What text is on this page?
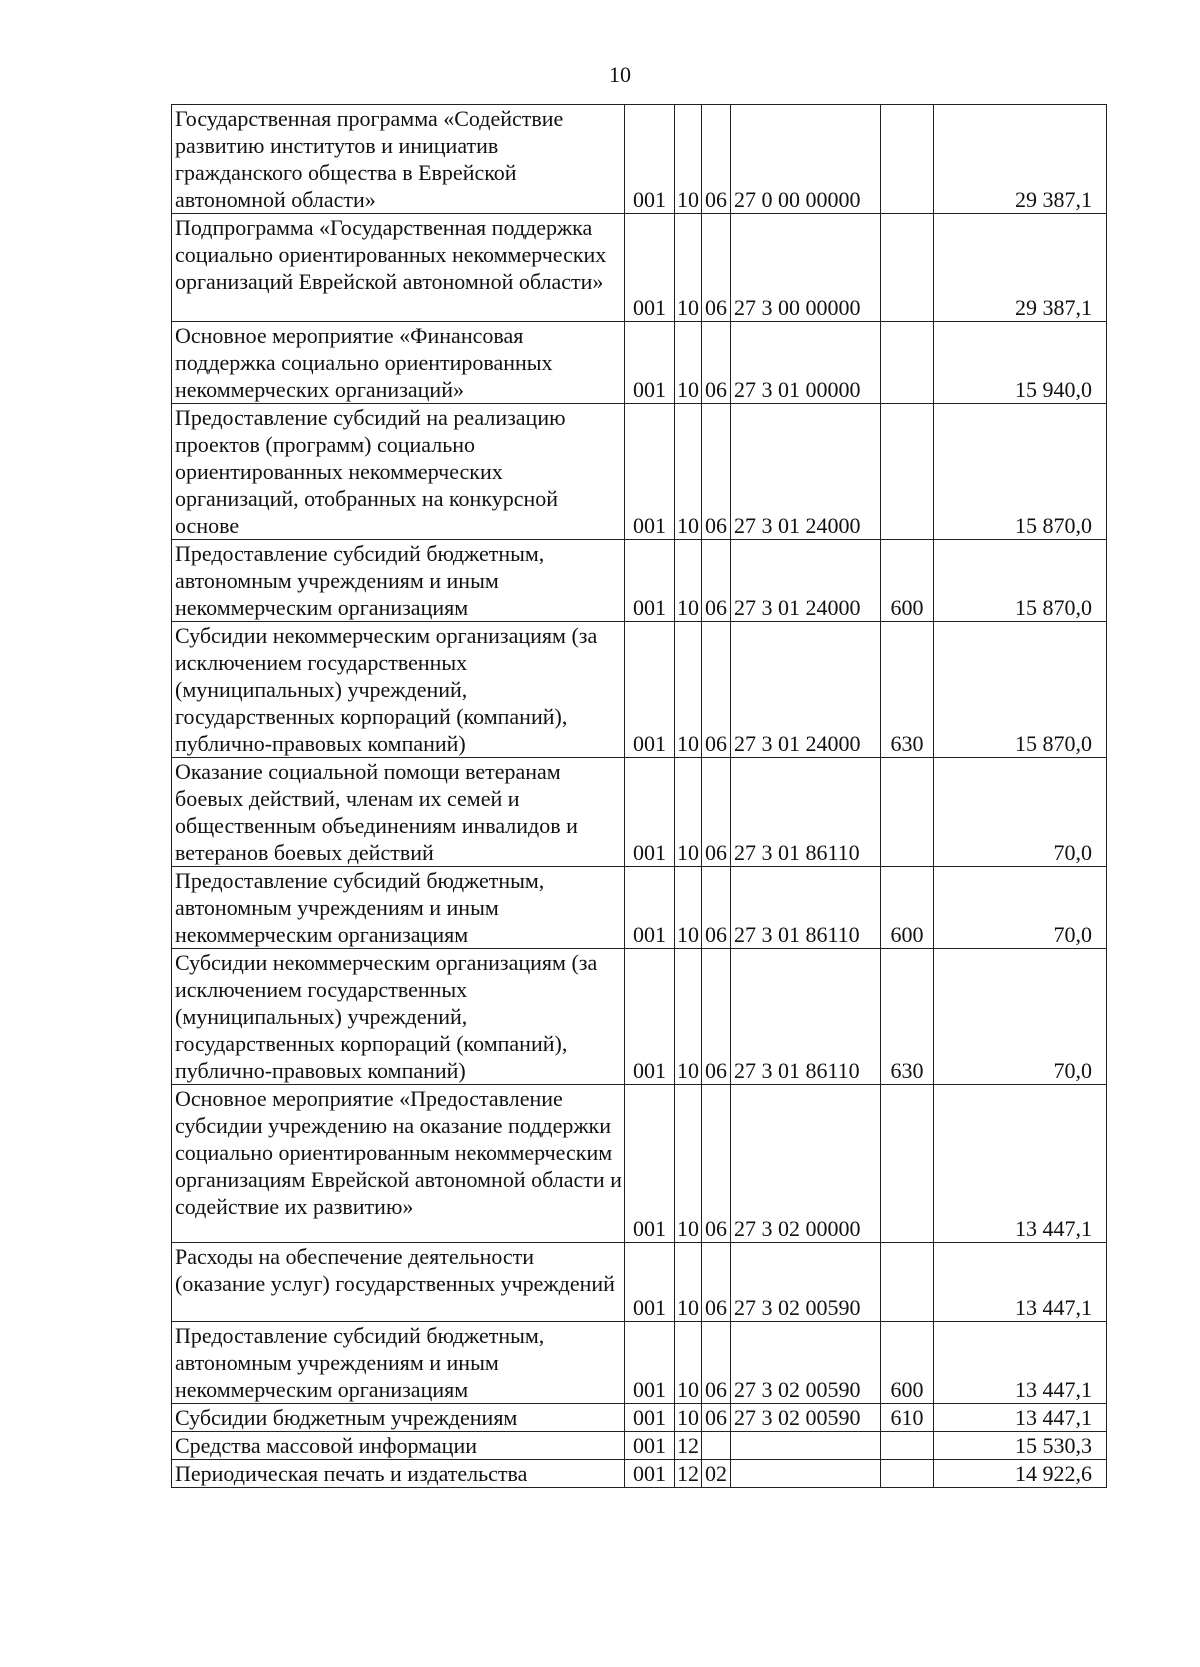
10
Государственная программа «Содействие развитию институтов и инициатив гражданского общества в Еврейской автономной области»	001	10	06	27 0 00 00000		29 387,1
Подпрограмма «Государственная поддержка социально ориентированных некоммерческих организаций Еврейской автономной области»	001	10	06	27 3 00 00000		29 387,1
Основное мероприятие «Финансовая поддержка социально ориентированных некоммерческих организаций»	001	10	06	27 3 01 00000		15 940,0
Предоставление субсидий на реализацию проектов (программ) социально ориентированных некоммерческих организаций, отобранных на конкурсной основе	001	10	06	27 3 01 24000		15 870,0
Предоставление субсидий бюджетным, автономным учреждениям и иным некоммерческим организациям	001	10	06	27 3 01 24000	600	15 870,0
Субсидии некоммерческим организациям (за исключением государственных (муниципальных) учреждений, государственных корпораций (компаний), публично-правовых компаний)	001	10	06	27 3 01 24000	630	15 870,0
Оказание социальной помощи ветеранам боевых действий, членам их семей и общественным объединениям инвалидов и ветеранов боевых действий	001	10	06	27 3 01 86110		70,0
Предоставление субсидий бюджетным, автономным учреждениям и иным некоммерческим организациям	001	10	06	27 3 01 86110	600	70,0
Субсидии некоммерческим организациям (за исключением государственных (муниципальных) учреждений, государственных корпораций (компаний), публично-правовых компаний)	001	10	06	27 3 01 86110	630	70,0
Основное мероприятие «Предоставление субсидии учреждению на оказание поддержки социально ориентированным некоммерческим организациям Еврейской автономной области и содействие их развитию»	001	10	06	27 3 02 00000		13 447,1
Расходы на обеспечение деятельности (оказание услуг) государственных учреждений	001	10	06	27 3 02 00590		13 447,1
Предоставление субсидий бюджетным, автономным учреждениям и иным некоммерческим организациям	001	10	06	27 3 02 00590	600	13 447,1
Субсидии бюджетным учреждениям	001	10	06	27 3 02 00590	610	13 447,1
Средства массовой информации	001	12				15 530,3
Периодическая печать и издательства	001	12	02			14 922,6
